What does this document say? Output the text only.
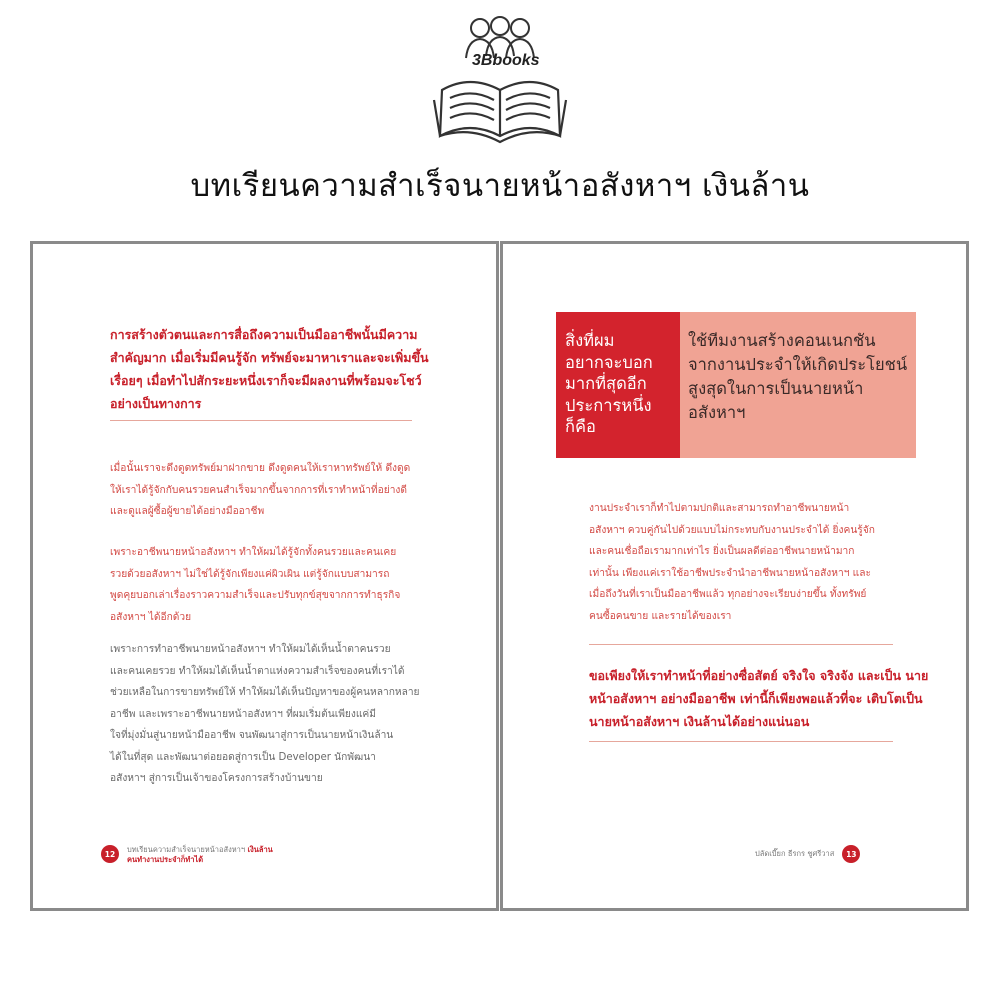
3Bbooks
บทเรียนความสำเร็จนายหน้าอสังหาฯ เงินล้าน
การสร้างตัวตนและการสื่อถึงความเป็นมืออาชีพนั้นมีความ สำคัญมาก เมื่อเริ่มมีคนรู้จัก ทรัพย์จะมาหาเราและจะเพิ่มขึ้น เรื่อยๆ เมื่อทำไปสักระยะหนึ่งเราก็จะมีผลงานที่พร้อมจะโชว์ อย่างเป็นทางการ
เมื่อนั้นเราจะดึงดูดทรัพย์มาฝากขาย ดึงดูดคนให้เราหาทรัพย์ให้ ดึงดูด
ให้เราได้รู้จักกับคนรวยคนสำเร็จมากขึ้นจากการที่เราทำหน้าที่อย่างดี
และดูแลผู้ซื้อผู้ขายได้อย่างมืออาชีพ
เพราะอาชีพนายหน้าอสังหาฯ ทำให้ผมได้รู้จักทั้งคนรวยและคนเคย
รวยด้วยอสังหาฯ ไม่ใช่ได้รู้จักเพียงแค่ผิวเผิน แต่รู้จักแบบสามารถ
พูดคุยบอกเล่าเรื่องราวความสำเร็จและปรับทุกข์สุขจากการทำธุรกิจ
อสังหาฯ ได้อีกด้วย
เพราะการทำอาชีพนายหน้าอสังหาฯ ทำให้ผมได้เห็นน้ำตาคนรวย
และคนเคยรวย ทำให้ผมได้เห็นน้ำตาแห่งความสำเร็จของคนที่เราได้
ช่วยเหลือในการขายทรัพย์ให้ ทำให้ผมได้เห็นปัญหาของผู้คนหลากหลาย
อาชีพ และเพราะอาชีพนายหน้าอสังหาฯ ที่ผมเริ่มต้นเพียงแค่มี
ใจที่มุ่งมั่นสู่นายหน้ามืออาชีพ จนพัฒนาสู่การเป็นนายหน้าเงินล้าน
ได้ในที่สุด และพัฒนาต่อยอดสู่การเป็น Developer นักพัฒนา
อสังหาฯ สู่การเป็นเจ้าของโครงการสร้างบ้านขาย
12	บทเรียนความสำเร็จนายหน้าอสังหาฯ เงินล้าน
คนทำงานประจำก็ทำได้
สิ่งที่ผม
อยากจะบอก
มากที่สุดอีก
ประการหนึ่ง
ก็คือ
ใช้ทีมงานสร้างคอนเนกชัน
จากงานประจำให้เกิดประโยชน์
สูงสุดในการเป็นนายหน้า
อสังหาฯ
งานประจำเราก็ทำไปตามปกติและสามารถทำอาชีพนายหน้า
อสังหาฯ ควบคู่กันไปด้วยแบบไม่กระทบกับงานประจำได้ ยิ่งคนรู้จัก
และคนเชื่อถือเรามากเท่าไร ยิ่งเป็นผลดีต่ออาชีพนายหน้ามาก
เท่านั้น เพียงแค่เราใช้อาชีพประจำนำอาชีพนายหน้าอสังหาฯ และ
เมื่อถึงวันที่เราเป็นมืออาชีพแล้ว ทุกอย่างจะเรียบง่ายขึ้น ทั้งทรัพย์
คนซื้อคนขาย และรายได้ของเรา
ขอเพียงให้เราทำหน้าที่อย่างซื่อสัตย์ จริงใจ จริงจัง และเป็น นายหน้าอสังหาฯ อย่างมืออาชีพ เท่านี้ก็เพียงพอแล้วที่จะ เติบโตเป็นนายหน้าอสังหาฯ เงินล้านได้อย่างแน่นอน
ปลัดเบี๊ยก ธีรกร ชูศรีวาส	13
